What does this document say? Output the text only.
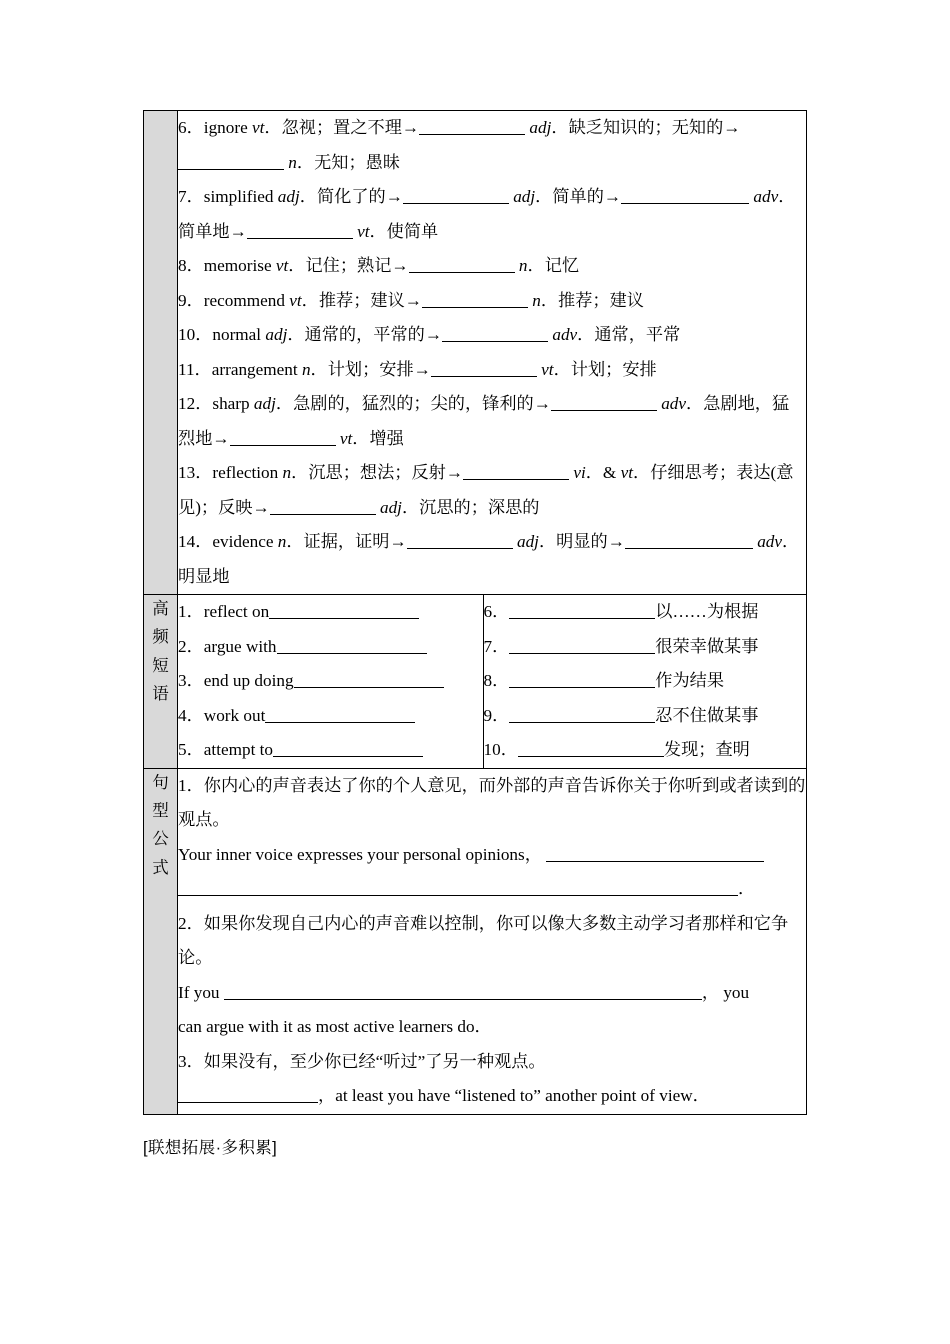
6．ignore vt．忽视；置之不理→	adj．缺乏知识的；无知的→ n．无知；愚昧
7．simplified adj．简化了的→	adj．简单的→	adv．简单地→	vt．使简单
8．memorise vt．记住；熟记→	n．记忆
9．recommend vt．推荐；建议→	n．推荐；建议
10．normal adj．通常的，平常的→	adv．通常，平常
11．arrangement n．计划；安排→	vt．计划；安排
12．sharp adj．急剧的，猛烈的；尖的，锋利的→	adv．急剧地，猛烈地→	vt．增强
13．reflection n．沉思；想法；反射→	vi．& vt．仔细思考；表达(意见)；反映→	adj．沉思的；深思的
14．evidence n．证据，证明→	adj．明显的→	adv．明显地

高频短语

1．reflect on
2．argue with
3．end up doing
4．work out
5．attempt to

6．	以……为根据
7．	很荣幸做某事
8．	作为结果
9．	忍不住做某事
10．	发现；查明

句型公式

1．你内心的声音表达了你的个人意见，而外部的声音告诉你关于你听到或者读到的观点。
Your inner voice expresses your personal opinions，  ．
2．如果你发现自己内心的声音难以控制，你可以像大多数主动学习者那样和它争论。
If you	， you
can argue with it as most active learners do．
3．如果没有，至少你已经“听过”了另一种观点。
，at least you have “listened to” another point of view．
[联想拓展·多积累]
